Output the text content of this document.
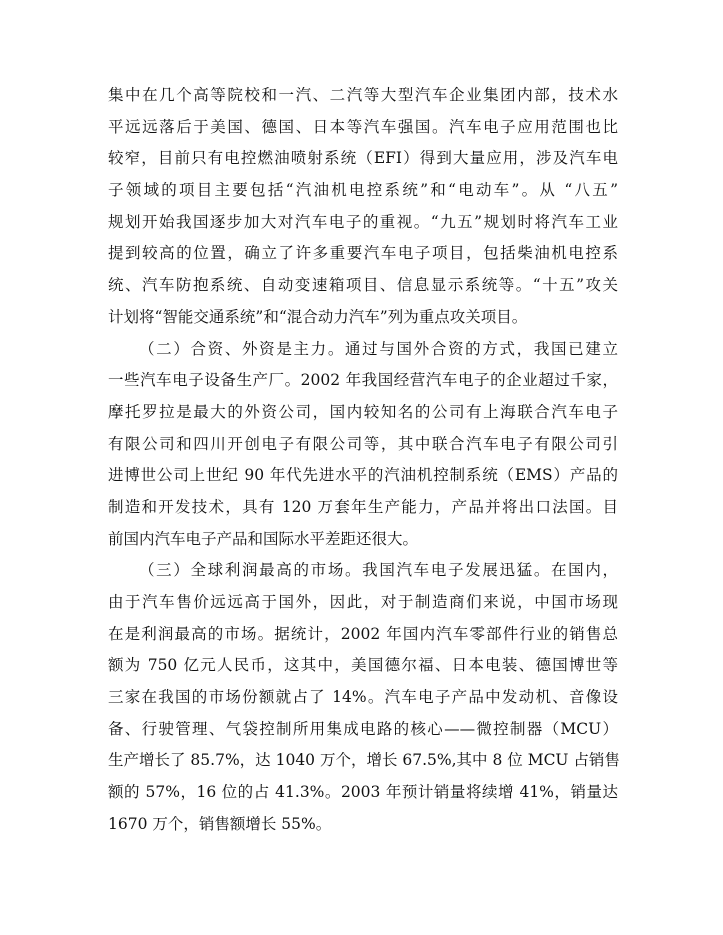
集中在几个高等院校和一汽、二汽等大型汽车企业集团内部，技术水
平远远落后于美国、德国、日本等汽车强国。汽车电子应用范围也比
较窄，目前只有电控燃油喷射系统（EFI）得到大量应用，涉及汽车电
子领域的项目主要包括“汽油机电控系统”和“电动车”。从 “八五”
规划开始我国逐步加大对汽车电子的重视。“九五”规划时将汽车工业
提到较高的位置，确立了许多重要汽车电子项目，包括柴油机电控系
统、汽车防抱系统、自动变速箱项目、信息显示系统等。“十五”攻关
计划将“智能交通系统”和“混合动力汽车”列为重点攻关项目。
（二）合资、外资是主力。通过与国外合资的方式，我国已建立
一些汽车电子设备生产厂。2002 年我国经营汽车电子的企业超过千家，
摩托罗拉是最大的外资公司，国内较知名的公司有上海联合汽车电子
有限公司和四川开创电子有限公司等，其中联合汽车电子有限公司引
进博世公司上世纪 90 年代先进水平的汽油机控制系统（EMS）产品的
制造和开发技术，具有 120 万套年生产能力，产品并将出口法国。目
前国内汽车电子产品和国际水平差距还很大。
（三）全球利润最高的市场。我国汽车电子发展迅猛。在国内，
由于汽车售价远远高于国外，因此，对于制造商们来说，中国市场现
在是利润最高的市场。据统计，2002 年国内汽车零部件行业的销售总
额为 750 亿元人民币，这其中，美国德尔福、日本电装、德国博世等
三家在我国的市场份额就占了 14%。汽车电子产品中发动机、音像设
备、行驶管理、气袋控制所用集成电路的核心——微控制器（MCU）
生产增长了 85.7%，达 1040 万个，增长 67.5%,其中 8 位 MCU 占销售
额的 57%，16 位的占 41.3%。2003 年预计销量将续增 41%，销量达
1670 万个，销售额增长 55%。
